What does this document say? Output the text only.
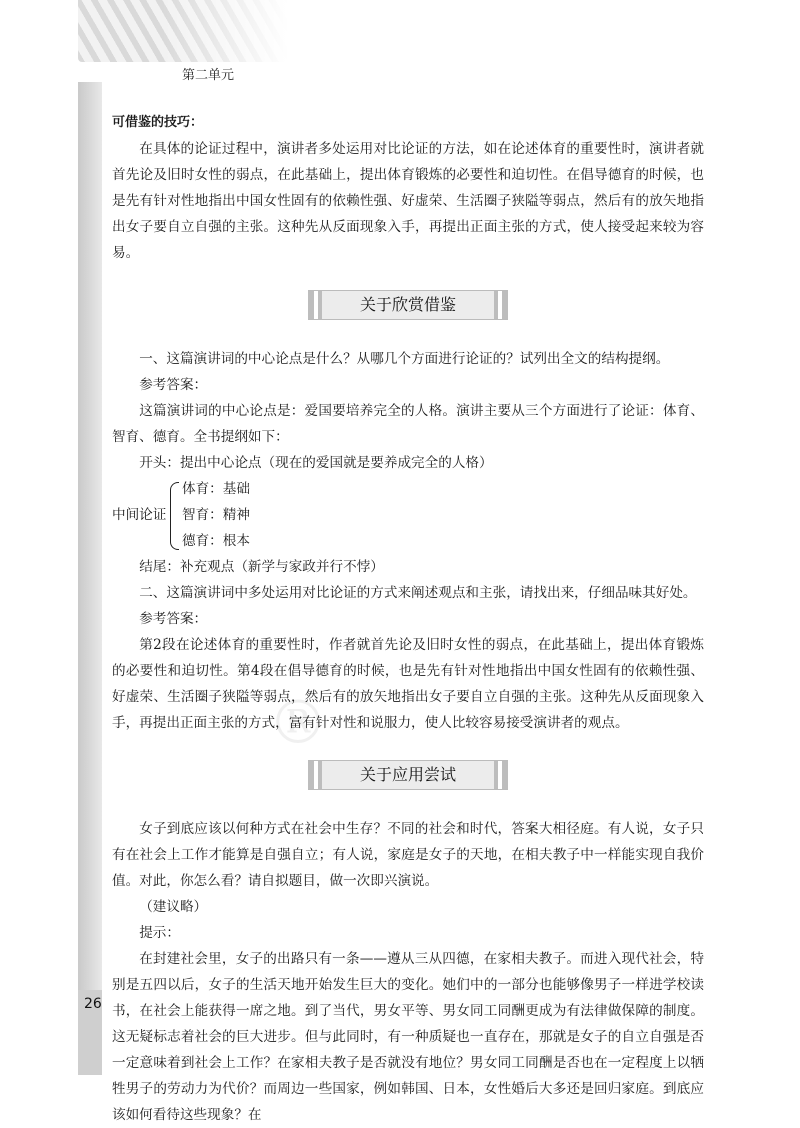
第二单元
26
®

可借鉴的技巧：

在具体的论证过程中，演讲者多处运用对比论证的方法，如在论述体育的重要性时，演讲者就首先论及旧时女性的弱点，在此基础上，提出体育锻炼的必要性和迫切性。在倡导德育的时候，也是先有针对性地指出中国女性固有的依赖性强、好虚荣、生活圈子狭隘等弱点，然后有的放矢地指出女子要自立自强的主张。这种先从反面现象入手，再提出正面主张的方式，使人接受起来较为容易。

关于欣赏借鉴

一、这篇演讲词的中心论点是什么？从哪几个方面进行论证的？试列出全文的结构提纲。

参考答案：

这篇演讲词的中心论点是：爱国要培养完全的人格。演讲主要从三个方面进行了论证：体育、智育、德育。全书提纲如下：

开头：提出中心论点（现在的爱国就是要养成完全的人格）

中间论证
体育：基础
智育：精神
德育：根本

结尾：补充观点（新学与家政并行不悖）

二、这篇演讲词中多处运用对比论证的方式来阐述观点和主张，请找出来，仔细品味其好处。

参考答案：

第2段在论述体育的重要性时，作者就首先论及旧时女性的弱点，在此基础上，提出体育锻炼的必要性和迫切性。第4段在倡导德育的时候，也是先有针对性地指出中国女性固有的依赖性强、好虚荣、生活圈子狭隘等弱点，然后有的放矢地指出女子要自立自强的主张。这种先从反面现象入手，再提出正面主张的方式，富有针对性和说服力，使人比较容易接受演讲者的观点。

关于应用尝试

女子到底应该以何种方式在社会中生存？不同的社会和时代，答案大相径庭。有人说，女子只有在社会上工作才能算是自强自立；有人说，家庭是女子的天地，在相夫教子中一样能实现自我价值。对此，你怎么看？请自拟题目，做一次即兴演说。

（建议略）

提示：

在封建社会里，女子的出路只有一条——遵从三从四德，在家相夫教子。而进入现代社会，特别是五四以后，女子的生活天地开始发生巨大的变化。她们中的一部分也能够像男子一样进学校读书，在社会上能获得一席之地。到了当代，男女平等、男女同工同酬更成为有法律做保障的制度。这无疑标志着社会的巨大进步。但与此同时，有一种质疑也一直存在，那就是女子的自立自强是否一定意味着到社会上工作？在家相夫教子是否就没有地位？男女同工同酬是否也在一定程度上以牺牲男子的劳动力为代价？而周边一些国家，例如韩国、日本，女性婚后大多还是回归家庭。到底应该如何看待这些现象？在
